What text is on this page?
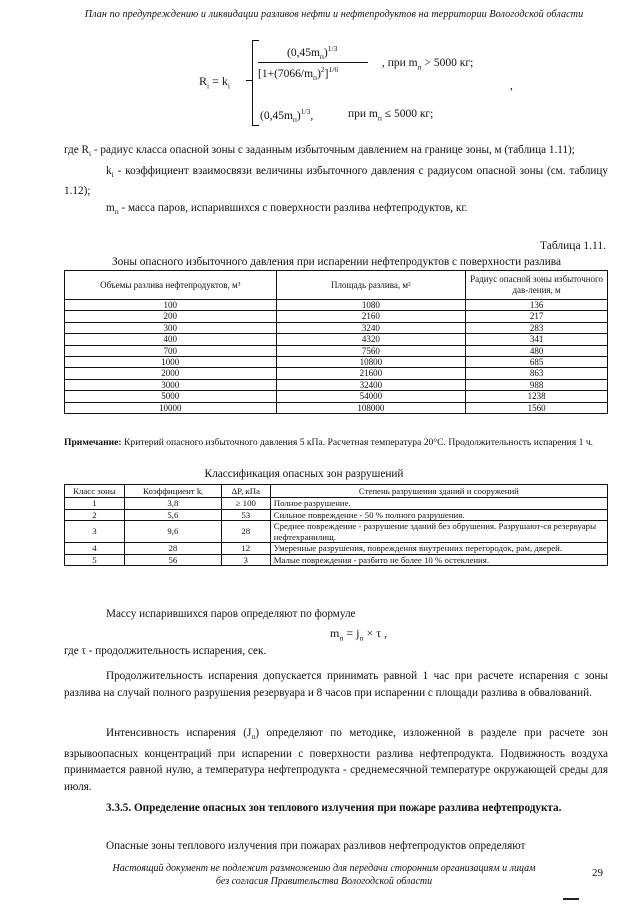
План по предупреждению и ликвидации разливов нефти и нефтепродуктов на территории Вологодской области
$R_i = k_i$
$(0,45m_п)^{1/3}$
$[1+(7066/m_п)^2]^{1/6}$
, при $m_п > 5000$ кг;
,
$(0,45m_п)^{1/3}$,	при $m_п \le 5000$ кг;
где $R_i$ - радиус класса опасной зоны с заданным избыточным давлением на границе зоны, м (таблица 1.11);
$k_i$ - коэффициент взаимосвязи величины избыточного давления с радиусом опасной зоны (см. таблицу 1.12);
$m_п$ - масса паров, испарившихся с поверхности разлива нефтепродуктов, кг.
Таблица 1.11.
Зоны опасного избыточного давления при испарении нефтепродуктов с поверхности разлива
Объемы разлива нефтепродуктов, м³	Площадь разлива, м²	Радиус опасной зоны избыточного дав-ления, м
100	1080	136
200	2160	217
300	3240	283
400	4320	341
700	7560	480
1000	10800	685
2000	21600	863
3000	32400	988
5000	54000	1238
10000	108000	1560
Примечание: Критерий опасного избыточного давления 5 кПа. Расчетная температура 20°С. Продолжительность испарения 1 ч.
Классификация опасных зон разрушений
Класс зоны	Коэффициент kᵢ	ΔP, кПа	Степень разрушения зданий и сооружений
1	3,8	≥ 100	Полное разрушение.
2	5,6	53	Сильное повреждение - 50 % полного разрушения.
3	9,6	28	Среднее повреждение - разрушение зданий без обрушения. Разрушают-ся резервуары нефтехранилищ.
4	28	12	Умеренные разрушения, повреждения внутренних перегородок, рам, дверей.
5	56	3	Малые повреждения - разбито не более 10 % остекления.
Массу испарившихся паров определяют по формуле
$m_п = j_п \times \tau$ ,
где τ - продолжительность испарения, сек.
Продолжительность испарения допускается принимать равной 1 час при расчете испарения с зоны разлива на случай полного разрушения резервуара и 8 часов при испарении с площади разлива в обвалований.
Интенсивность испарения $(J_п)$ определяют по методике, изложенной в разделе при расчете зон взрывоопасных концентраций при испарении с поверхности разлива нефтепродукта. Подвижность воздуха принимается равной нулю, а температура нефтепродукта - среднемесячной температуре окружающей среды для июля.
3.3.5. Определение опасных зон теплового излучения при пожаре разлива нефтепродукта.
Опасные зоны теплового излучения при пожарах разливов нефтепродуктов определяют
Настоящий документ не подлежит размножению для передачи сторонним организациям и лицам
без согласия Правительства Вологодской области
29
